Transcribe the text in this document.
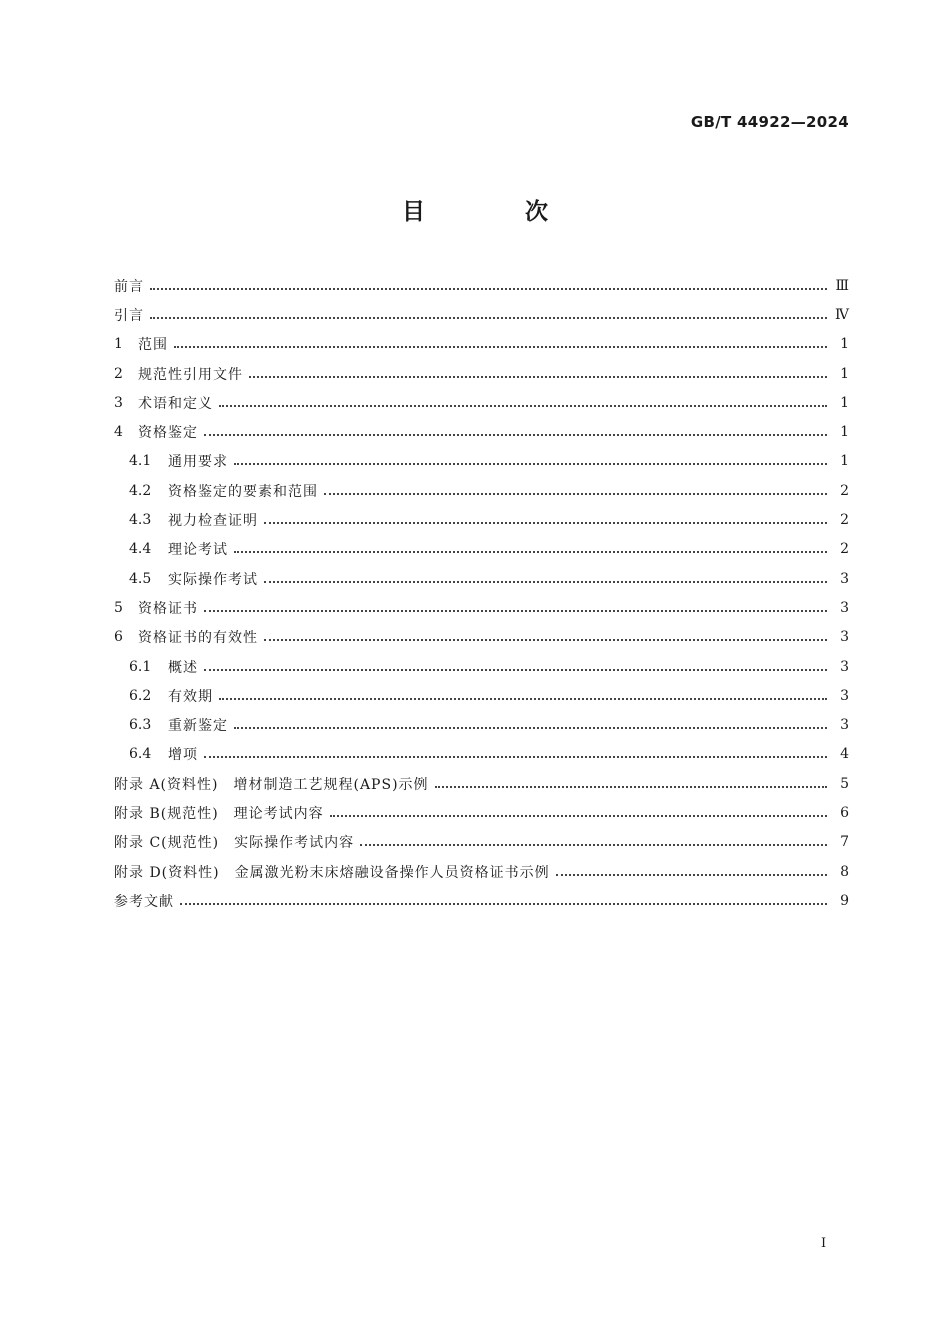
GB/T 44922—2024
目 次
前言	Ⅲ
引言	Ⅳ
1	范围	1
2	规范性引用文件	1
3	术语和定义	1
4	资格鉴定	1
4.1	通用要求	1
4.2	资格鉴定的要素和范围	2
4.3	视力检查证明	2
4.4	理论考试	2
4.5	实际操作考试	3
5	资格证书	3
6	资格证书的有效性	3
6.1	概述	3
6.2	有效期	3
6.3	重新鉴定	3
6.4	增项	4
附录 A(资料性) 增材制造工艺规程(APS)示例	5
附录 B(规范性) 理论考试内容	6
附录 C(规范性) 实际操作考试内容	7
附录 D(资料性) 金属激光粉末床熔融设备操作人员资格证书示例	8
参考文献	9
I
